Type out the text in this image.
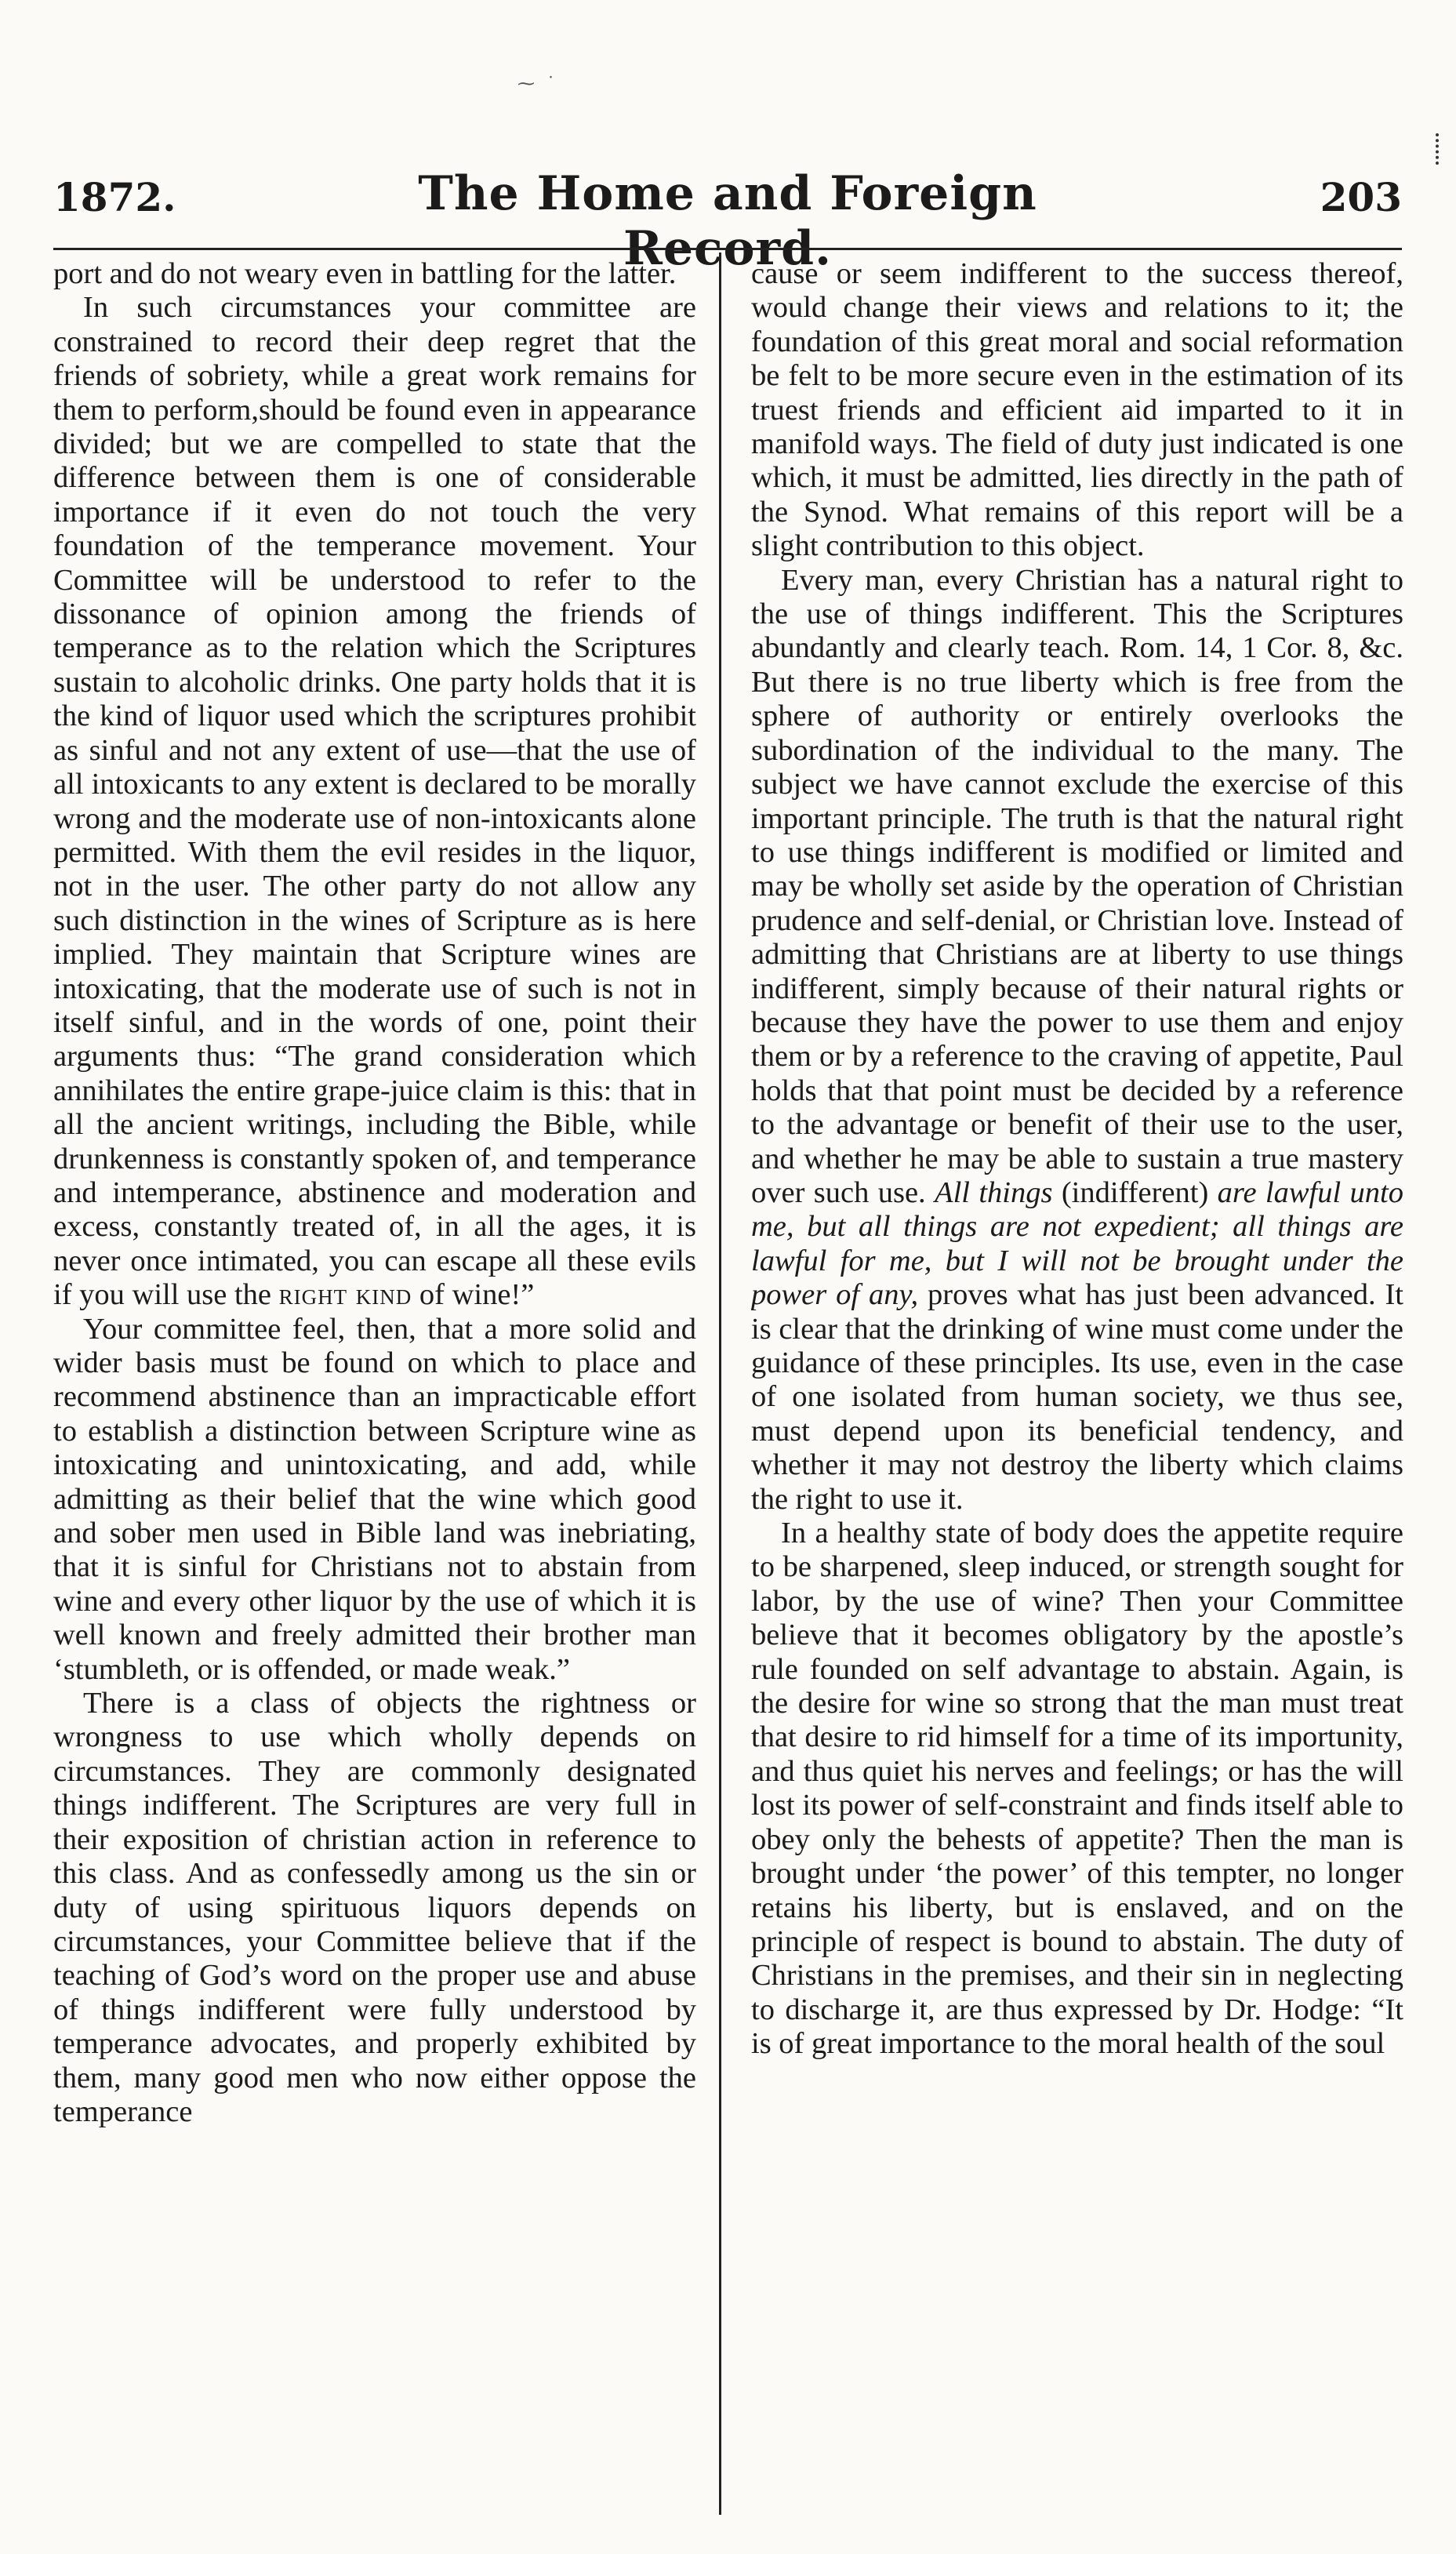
⁓ ˙
1872.	The Home and Foreign Record.
203

port and do not weary even in battling for the latter.

In such circumstances your committee are constrained to record their deep regret that the friends of sobriety, while a great work remains for them to perform,should be found even in appearance divided; but we are compelled to state that the difference between them is one of considerable importance if it even do not touch the very foundation of the temperance movement. Your Committee will be understood to refer to the dissonance of opinion among the friends of temperance as to the relation which the Scriptures sustain to alcoholic drinks. One party holds that it is the kind of liquor used which the scriptures prohibit as sinful and not any extent of use—that the use of all intoxicants to any extent is declared to be morally wrong and the moderate use of non-intoxicants alone permitted. With them the evil resides in the liquor, not in the user. The other party do not allow any such distinction in the wines of Scripture as is here implied. They maintain that Scripture wines are intoxicating, that the moderate use of such is not in itself sinful, and in the words of one, point their arguments thus: “The grand consideration which annihilates the entire grape-juice claim is this: that in all the ancient writings, including the Bible, while drunkenness is constantly spoken of, and temperance and intemperance, abstinence and moderation and excess, constantly treated of, in all the ages, it is never once intimated, you can escape all these evils if you will use the right kind of wine!”

Your committee feel, then, that a more solid and wider basis must be found on which to place and recommend abstinence than an impracticable effort to establish a distinction between Scripture wine as intoxicating and unintoxicating, and add, while admitting as their belief that the wine which good and sober men used in Bible land was inebriating, that it is sinful for Christians not to abstain from wine and every other liquor by the use of which it is well known and freely admitted their brother man ‘stumbleth, or is offended, or made weak.”

There is a class of objects the rightness or wrongness to use which wholly depends on circumstances. They are commonly designated things indifferent. The Scriptures are very full in their exposition of christian action in reference to this class. And as confessedly among us the sin or duty of using spirituous liquors depends on circumstances, your Committee believe that if the teaching of God’s word on the proper use and abuse of things indifferent were fully understood by temperance advocates, and properly exhibited by them, many good men who now either oppose the temperance

cause or seem indifferent to the success thereof, would change their views and relations to it; the foundation of this great moral and social reformation be felt to be more secure even in the estimation of its truest friends and efficient aid imparted to it in manifold ways. The field of duty just indicated is one which, it must be admitted, lies directly in the path of the Synod. What remains of this report will be a slight contribution to this object.

Every man, every Christian has a natural right to the use of things indifferent. This the Scriptures abundantly and clearly teach. Rom. 14, 1 Cor. 8, &c. But there is no true liberty which is free from the sphere of authority or entirely overlooks the subordination of the individual to the many. The subject we have cannot exclude the exercise of this important principle. The truth is that the natural right to use things indifferent is modified or limited and may be wholly set aside by the operation of Christian prudence and self-denial, or Christian love. Instead of admitting that Christians are at liberty to use things indifferent, simply because of their natural rights or because they have the power to use them and enjoy them or by a reference to the craving of appetite, Paul holds that that point must be decided by a reference to the advantage or benefit of their use to the user, and whether he may be able to sustain a true mastery over such use. All things (indifferent) are lawful unto me, but all things are not expedient; all things are lawful for me, but I will not be brought under the power of any, proves what has just been advanced. It is clear that the drinking of wine must come under the guidance of these principles. Its use, even in the case of one isolated from human society, we thus see, must depend upon its beneficial tendency, and whether it may not destroy the liberty which claims the right to use it.

In a healthy state of body does the appetite require to be sharpened, sleep induced, or strength sought for labor, by the use of wine? Then your Committee believe that it becomes obligatory by the apostle’s rule founded on self advantage to abstain. Again, is the desire for wine so strong that the man must treat that desire to rid himself for a time of its importunity, and thus quiet his nerves and feelings; or has the will lost its power of self-constraint and finds itself able to obey only the behests of appetite? Then the man is brought under ‘the power’ of this tempter, no longer retains his liberty, but is enslaved, and on the principle of respect is bound to abstain. The duty of Christians in the premises, and their sin in neglecting to discharge it, are thus expressed by Dr. Hodge: “It is of great importance to the moral health of the soul
